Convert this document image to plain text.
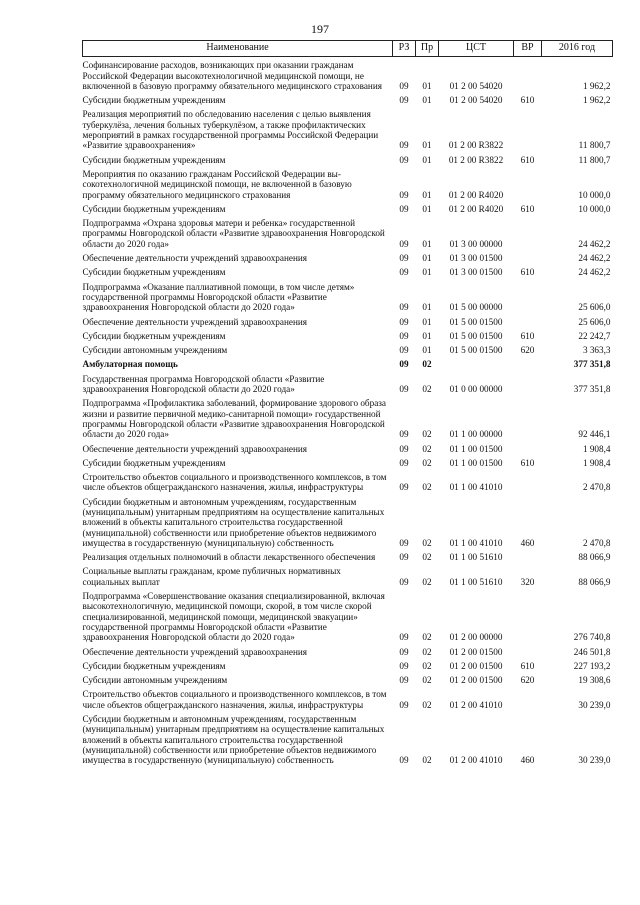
197
Наименование	РЗ	Пр	ЦСТ	ВР	2016 год
Софинансирование расходов, возникающих при оказании гражданам Российской Федерации высокотехнологичной медицинской помощи, не включенной в базовую программу обязательного медицинского страхования	09	01	01 2 00 54020		1 962,2
Субсидии бюджетным учреждениям	09	01	01 2 00 54020	610	1 962,2
Реализация мероприятий по обследованию населения с целью выявления туберкулёза, лечения больных туберкулёзом, а также профилактических мероприятий в рамках государственной программы Российской Федерации «Развитие здравоохранения»	09	01	01 2 00 R3822		11 800,7
Субсидии бюджетным учреждениям	09	01	01 2 00 R3822	610	11 800,7
Мероприятия по оказанию гражданам Российской Федерации высокотехнологичной медицинской помощи, не включенной в базовую программу обязательного медицинского страхования	09	01	01 2 00 R4020		10 000,0
Субсидии бюджетным учреждениям	09	01	01 2 00 R4020	610	10 000,0
Подпрограмма «Охрана здоровья матери и ребенка» государственной программы Новгородской области «Развитие здравоохранения Новгородской области до 2020 года»	09	01	01 3 00 00000		24 462,2
Обеспечение деятельности учреждений здравоохранения	09	01	01 3 00 01500		24 462,2
Субсидии бюджетным учреждениям	09	01	01 3 00 01500	610	24 462,2
Подпрограмма «Оказание паллиативной помощи, в том числе детям» государственной программы Новгородской области «Развитие здравоохранения Новгородской области до 2020 года»	09	01	01 5 00 00000		25 606,0
Обеспечение деятельности учреждений здравоохранения	09	01	01 5 00 01500		25 606,0
Субсидии бюджетным учреждениям	09	01	01 5 00 01500	610	22 242,7
Субсидии автономным учреждениям	09	01	01 5 00 01500	620	3 363,3
Амбулаторная помощь	09	02			377 351,8
Государственная программа Новгородской области «Развитие здравоохранения Новгородской области до 2020 года»	09	02	01 0 00 00000		377 351,8
Подпрограмма «Профилактика заболеваний, формирование здорового образа жизни и развитие первичной медико-санитарной помощи» государственной программы Новгородской области «Развитие здравоохранения Новгородской области до 2020 года»	09	02	01 1 00 00000		92 446,1
Обеспечение деятельности учреждений здравоохранения	09	02	01 1 00 01500		1 908,4
Субсидии бюджетным учреждениям	09	02	01 1 00 01500	610	1 908,4
Строительство объектов социального и производственного комплексов, в том числе объектов общегражданского назначения, жилья, инфраструктуры	09	02	01 1 00 41010		2 470,8
Субсидии бюджетным и автономным учреждениям, государственным (муниципальным) унитарным предприятиям на осуществление капитальных вложений в объекты капитального строительства государственной (муниципальной) собственности или приобретение объектов недвижимого имущества в государственную (муниципальную) собственность	09	02	01 1 00 41010	460	2 470,8
Реализация отдельных полномочий в области лекарственного обеспечения	09	02	01 1 00 51610		88 066,9
Социальные выплаты гражданам, кроме публичных нормативных социальных выплат	09	02	01 1 00 51610	320	88 066,9
Подпрограмма «Совершенствование оказания специализированной, включая высокотехнологичную, медицинской помощи, скорой, в том числе скорой специализированной, медицинской помощи, медицинской эвакуации» государственной программы Новгородской области «Развитие здравоохранения Новгородской области до 2020 года»	09	02	01 2 00 00000		276 740,8
Обеспечение деятельности учреждений здравоохранения	09	02	01 2 00 01500		246 501,8
Субсидии бюджетным учреждениям	09	02	01 2 00 01500	610	227 193,2
Субсидии автономным учреждениям	09	02	01 2 00 01500	620	19 308,6
Строительство объектов социального и производственного комплексов, в том числе объектов общегражданского назначения, жилья, инфраструктуры	09	02	01 2 00 41010		30 239,0
Субсидии бюджетным и автономным учреждениям, государственным (муниципальным) унитарным предприятиям на осуществление капитальных вложений в объекты капитального строительства государственной (муниципальной) собственности или приобретение объектов недвижимого имущества в государственную (муниципальную) собственность	09	02	01 2 00 41010	460	30 239,0
